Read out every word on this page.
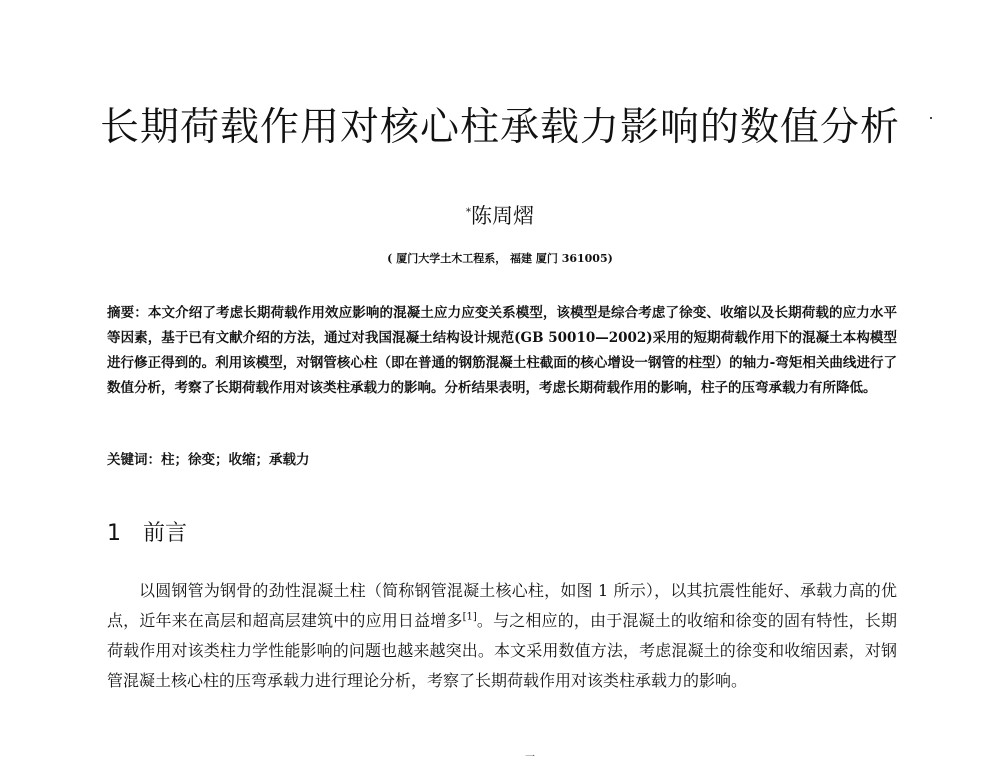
长期荷载作用对核心柱承载力影响的数值分析

*陈周熠

( 厦门大学土木工程系， 福建 厦门 361005)

摘要：本文介绍了考虑长期荷载作用效应影响的混凝土应力应变关系模型，该模型是综合考虑了徐变、收缩以及长期荷载的应力水平等因素，基于已有文献介绍的方法，通过对我国混凝土结构设计规范(GB 50010—2002)采用的短期荷载作用下的混凝土本构模型进行修正得到的。利用该模型，对钢管核心柱（即在普通的钢筋混凝土柱截面的核心增设一钢管的柱型）的轴力-弯矩相关曲线进行了数值分析，考察了长期荷载作用对该类柱承载力的影响。分析结果表明，考虑长期荷载作用的影响，柱子的压弯承载力有所降低。

关键词：柱；徐变；收缩；承载力

1 前言

以圆钢管为钢骨的劲性混凝土柱（简称钢管混凝土核心柱，如图 1 所示），以其抗震性能好、承载力高的优点，近年来在高层和超高层建筑中的应用日益增多[1]。与之相应的，由于混凝土的收缩和徐变的固有特性，长期荷载作用对该类柱力学性能影响的问题也越来越突出。本文采用数值方法，考虑混凝土的徐变和收缩因素，对钢管混凝土核心柱的压弯承载力进行理论分析，考察了长期荷载作用对该类柱承载力的影响。

一
